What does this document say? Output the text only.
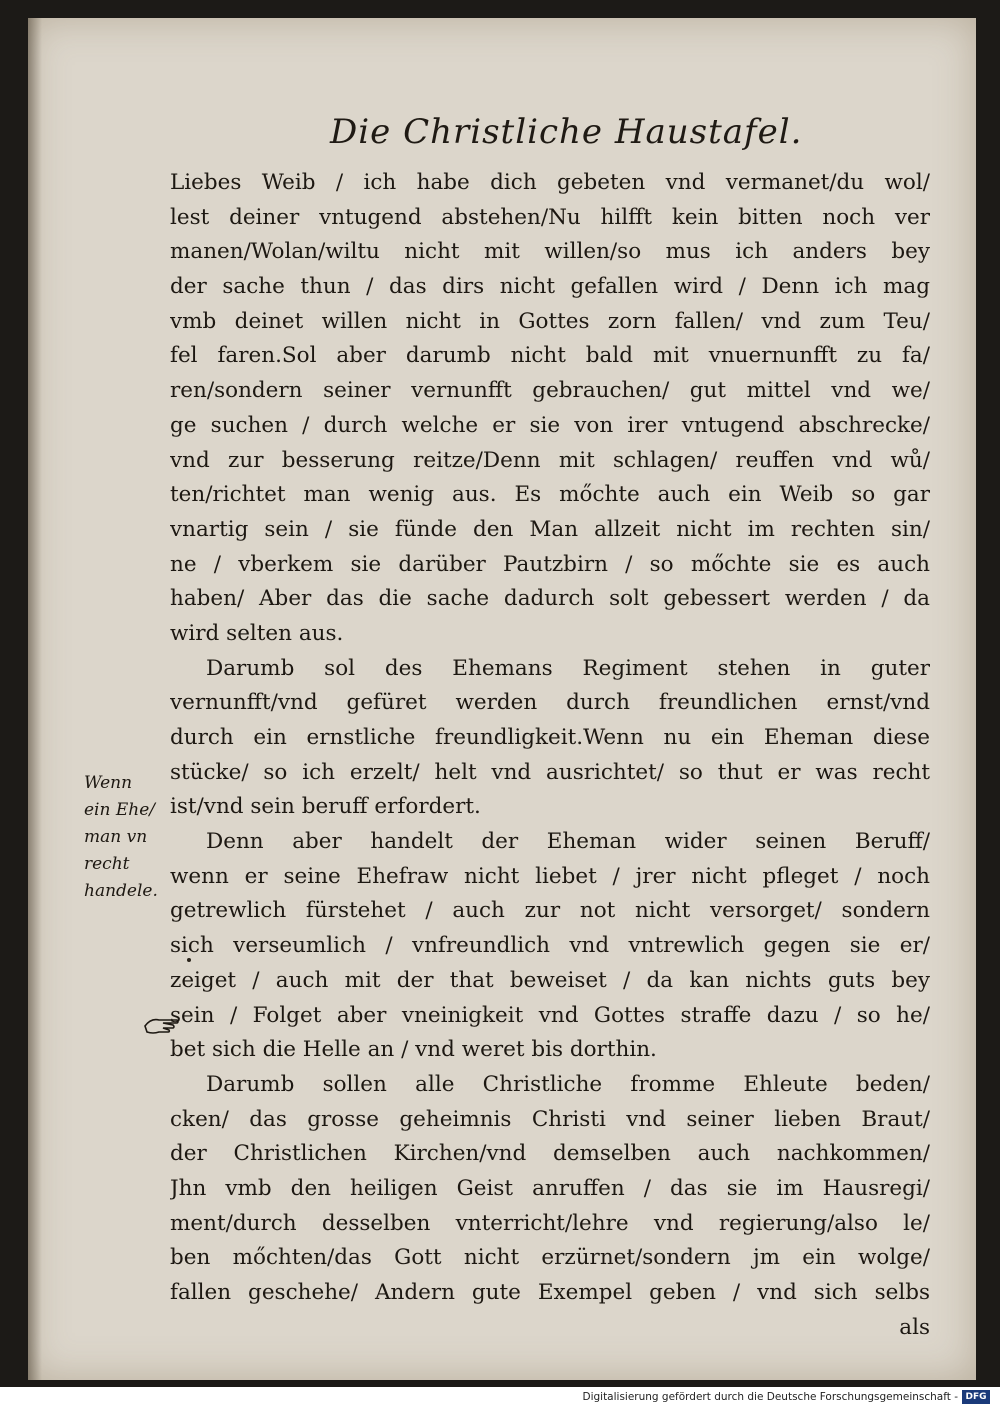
Die Christliche Haustafel.
Liebes Weib / ich habe dich gebeten vnd vermanet/du wol/
lest deiner vntugend abstehen/Nu hilfft kein bitten noch ver
manen/Wolan/wiltu nicht mit willen/so mus ich anders bey
der sache thun / das dirs nicht gefallen wird / Denn ich mag
vmb deinet willen nicht in Gottes zorn fallen/ vnd zum Teu/
fel faren.Sol aber darumb nicht bald mit vnuernunfft zu fa/
ren/sondern seiner vernunfft gebrauchen/ gut mittel vnd we/
ge suchen / durch welche er sie von irer vntugend abschrecke/
vnd zur besserung reitze/Denn mit schlagen/ reuffen vnd wů/
ten/richtet man wenig aus. Es mőchte auch ein Weib so gar
vnartig sein / sie fünde den Man allzeit nicht im rechten sin/
ne / vberkem sie darüber Pautzbirn / so mőchte sie es auch
haben/ Aber das die sache dadurch solt gebessert werden / da
wird selten aus.
Darumb sol des Ehemans Regiment stehen in guter
vernunfft/vnd gefüret werden durch freundlichen ernst/vnd
durch ein ernstliche freundligkeit.Wenn nu ein Eheman diese
stücke/ so ich erzelt/ helt vnd ausrichtet/ so thut er was recht
ist/vnd sein beruff erfordert.
Denn aber handelt der Eheman wider seinen Beruff/
wenn er seine Ehefraw nicht liebet / jrer nicht pfleget / noch
getrewlich fürstehet / auch zur not nicht versorget/ sondern
sich verseumlich / vnfreundlich vnd vntrewlich gegen sie er/
zeiget / auch mit der that beweiset / da kan nichts guts bey
sein / Folget aber vneinigkeit vnd Gottes straffe dazu / so he/
bet sich die Helle an / vnd weret bis dorthin.
Darumb sollen alle Christliche fromme Ehleute beden/
cken/ das grosse geheimnis Christi vnd seiner lieben Braut/
der Christlichen Kirchen/vnd demselben auch nachkommen/
Jhn vmb den heiligen Geist anruffen / das sie im Hausregi/
ment/durch desselben vnterricht/lehre vnd regierung/also le/
ben mőchten/das Gott nicht erzürnet/sondern jm ein wolge/
fallen geschehe/ Andern gute Exempel geben / vnd sich selbs
als
Wenn
ein Ehe/
man vn
recht
handele.
Digitalisierung gefördert durch die Deutsche Forschungsgemeinschaft - DFG
